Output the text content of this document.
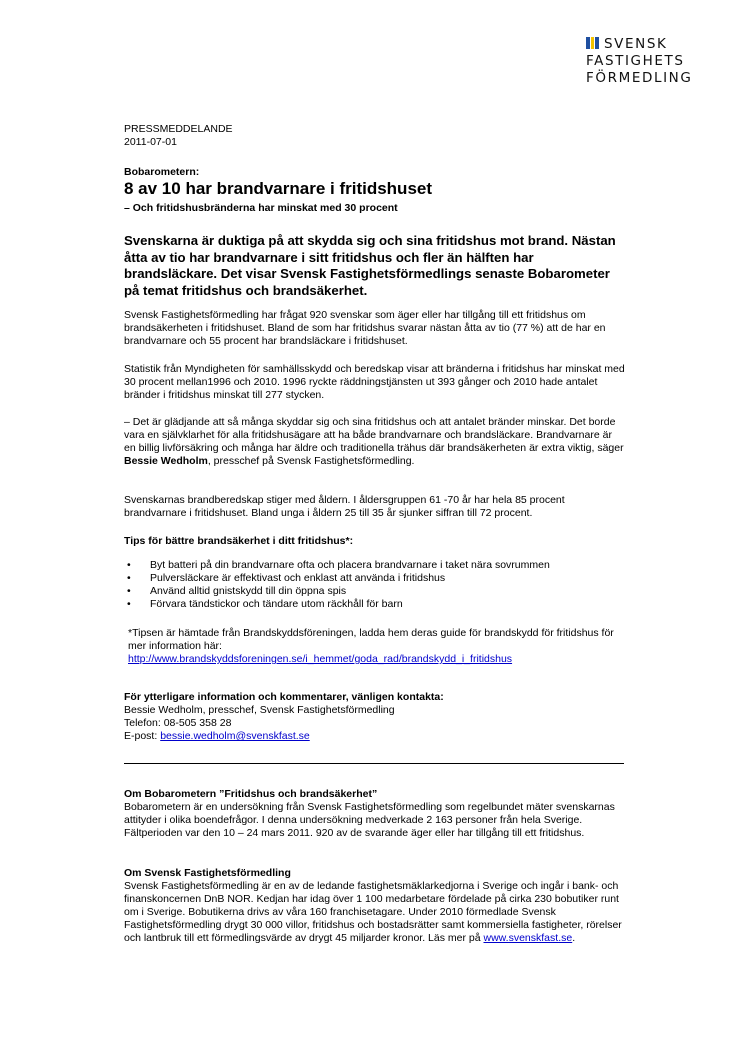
SVENSK
FASTIGHETS
FÖRMEDLING
PRESSMEDDELANDE
2011-07-01
Bobarometern:
8 av 10 har brandvarnare i fritidshuset
– Och fritidshusbränderna har minskat med 30 procent

Svenskarna är duktiga på att skydda sig och sina fritidshus mot brand. Nästan åtta av tio har brandvarnare i sitt fritidshus och fler än hälften har brandsläckare. Det visar Svensk Fastighetsförmedlings senaste Bobarometer på temat fritidshus och brandsäkerhet.

Svensk Fastighetsförmedling har frågat 920 svenskar som äger eller har tillgång till ett fritidshus om brandsäkerheten i fritidshuset. Bland de som har fritidshus svarar nästan åtta av tio (77 %) att de har en brandvarnare och 55 procent har brandsläckare i fritidshuset.

Statistik från Myndigheten för samhällsskydd och beredskap visar att bränderna i fritidshus har minskat med 30 procent mellan1996 och 2010. 1996 ryckte räddningstjänsten ut 393 gånger och 2010 hade antalet bränder i fritidshus minskat till 277 stycken.

– Det är glädjande att så många skyddar sig och sina fritidshus och att antalet bränder minskar. Det borde vara en självklarhet för alla fritidshusägare att ha både brandvarnare och brandsläckare. Brandvarnare är en billig livförsäkring och många har äldre och traditionella trähus där brandsäkerheten är extra viktig, säger Bessie Wedholm, presschef på Svensk Fastighetsförmedling.

Svenskarnas brandberedskap stiger med åldern. I åldersgruppen 61 -70 år har hela 85 procent brandvarnare i fritidshuset. Bland unga i åldern 25 till 35 år sjunker siffran till 72 procent.

Tips för bättre brandsäkerhet i ditt fritidshus*:
• Byt batteri på din brandvarnare ofta och placera brandvarnare i taket nära sovrummen
• Pulversläckare är effektivast och enklast att använda i fritidshus
• Använd alltid gnistskydd till din öppna spis
• Förvara tändstickor och tändare utom räckhåll för barn
*Tipsen är hämtade från Brandskyddsföreningen, ladda hem deras guide för brandskydd för fritidshus för mer information här:
http://www.brandskyddsforeningen.se/i_hemmet/goda_rad/brandskydd_i_fritidshus
För ytterligare information och kommentarer, vänligen kontakta:
Bessie Wedholm, presschef, Svensk Fastighetsförmedling
Telefon: 08-505 358 28
E-post: bessie.wedholm@svenskfast.se
Om Bobarometern ”Fritidshus och brandsäkerhet”
Bobarometern är en undersökning från Svensk Fastighetsförmedling som regelbundet mäter svenskarnas attityder i olika boendefrågor. I denna undersökning medverkade 2 163 personer från hela Sverige. Fältperioden var den 10 – 24 mars 2011. 920 av de svarande äger eller har tillgång till ett fritidshus.
Om Svensk Fastighetsförmedling
Svensk Fastighetsförmedling är en av de ledande fastighetsmäklarkedjorna i Sverige och ingår i bank- och finanskoncernen DnB NOR. Kedjan har idag över 1 100 medarbetare fördelade på cirka 230 bobutiker runt om i Sverige. Bobutikerna drivs av våra 160 franchisetagare. Under 2010 förmedlade Svensk Fastighetsförmedling drygt 30 000 villor, fritidshus och bostadsrätter samt kommersiella fastigheter, rörelser och lantbruk till ett förmedlingsvärde av drygt 45 miljarder kronor. Läs mer på www.svenskfast.se.
